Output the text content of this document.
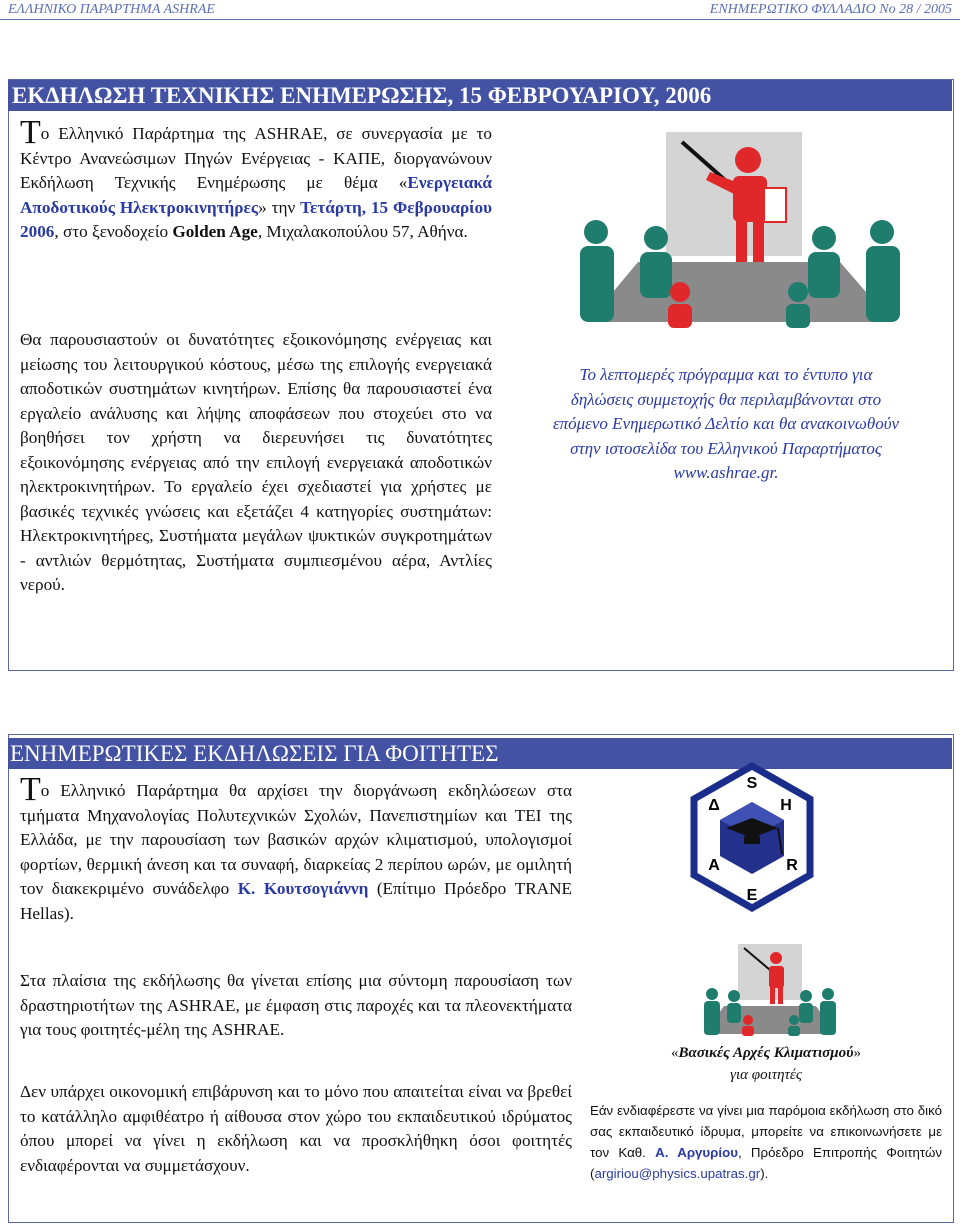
ΕΛΛΗΝΙΚΟ ΠΑΡΑΡΤΗΜΑ ASHRAE	ΕΝΗΜΕΡΩΤΙΚΟ ΦΥΛΛΑΔΙΟ No 28 / 2005
ΕΚΔΗΛΩΣΗ ΤΕΧΝΙΚΗΣ ΕΝΗΜΕΡΩΣΗΣ, 15 ΦΕΒΡΟΥΑΡΙΟΥ, 2006

Το Ελληνικό Παράρτημα της ASHRAE, σε συνεργασία με το Κέντρο Ανανεώσιμων Πηγών Ενέργειας - ΚΑΠΕ, διοργανώνουν Εκδήλωση Τεχνικής Ενημέρωσης με θέμα «Ενεργειακά Αποδοτικούς Ηλεκτροκινητήρες» την Τετάρτη, 15 Φεβρουαρίου 2006, στο ξενοδοχείο Golden Age, Μιχαλακοπούλου 57, Αθήνα.

Θα παρουσιαστούν οι δυνατότητες εξοικονόμησης ενέργειας και μείωσης του λειτουργικού κόστους, μέσω της επιλογής ενεργειακά αποδοτικών συστημάτων κινητήρων. Επίσης θα παρουσιαστεί ένα εργαλείο ανάλυσης και λήψης αποφάσεων που στοχεύει στο να βοηθήσει τον χρήστη να διερευνήσει τις δυνατότητες εξοικονόμησης ενέργειας από την επιλογή ενεργειακά αποδοτικών ηλεκτροκινητήρων. Το εργαλείο έχει σχεδιαστεί για χρήστες με βασικές τεχνικές γνώσεις και εξετάζει 4 κατηγορίες συστημάτων: Ηλεκτροκινητήρες, Συστήματα μεγάλων ψυκτικών συγκροτημάτων - αντλιών θερμότητας, Συστήματα συμπιεσμένου αέρα, Αντλίες νερού.

Το λεπτομερές πρόγραμμα και το έντυπο για
δηλώσεις συμμετοχής θα περιλαμβάνονται στο
επόμενο Ενημερωτικό Δελτίο και θα ανακοινωθούν
στην ιστοσελίδα του Ελληνικού Παραρτήματος
www.ashrae.gr.
ΕΝΗΜΕΡΩΤΙΚΕΣ ΕΚΔΗΛΩΣΕΙΣ ΓΙΑ ΦΟΙΤΗΤΕΣ

Το Ελληνικό Παράρτημα θα αρχίσει την διοργάνωση εκδηλώσεων στα τμήματα Μηχανολογίας Πολυτεχνικών Σχολών, Πανεπιστημίων και ΤΕΙ της Ελλάδα, με την παρουσίαση των βασικών αρχών κλιματισμού, υπολογισμοί φορτίων, θερμική άνεση και τα συναφή, διαρκείας 2 περίπου ωρών, με ομιλητή τον διακεκριμένο συνάδελφο Κ. Κουτσογιάννη (Επίτιμο Πρόεδρο TRANE Hellas).

Στα πλαίσια της εκδήλωσης θα γίνεται επίσης μια σύντομη παρουσίαση των δραστηριοτήτων της ASHRAE, με έμφαση στις παροχές και τα πλεονεκτήματα για τους φοιτητές-μέλη της ASHRAE.

Δεν υπάρχει οικονομική επιβάρυνση και το μόνο που απαιτείται είναι να βρεθεί το κατάλληλο αμφιθέατρο ή αίθουσα στον χώρο του εκπαιδευτικού ιδρύματος όπου μπορεί να γίνει η εκδήλωση και να προσκλήθηκη όσοι φοιτητές ενδιαφέρονται να συμμετάσχουν.

S
H
R
E
Α
Δ
«Βασικές Αρχές Κλιματισμού»
για φοιτητές

Εάν ενδιαφέρεστε να γίνει μια παρόμοια εκδήλωση στο δικό σας εκπαιδευτικό ίδρυμα, μπορείτε να επικοινωνήσετε με τον Καθ. Α. Αργυρίου, Πρόεδρο Επιτροπής Φοιτητών (argiriou@physics.upatras.gr).
